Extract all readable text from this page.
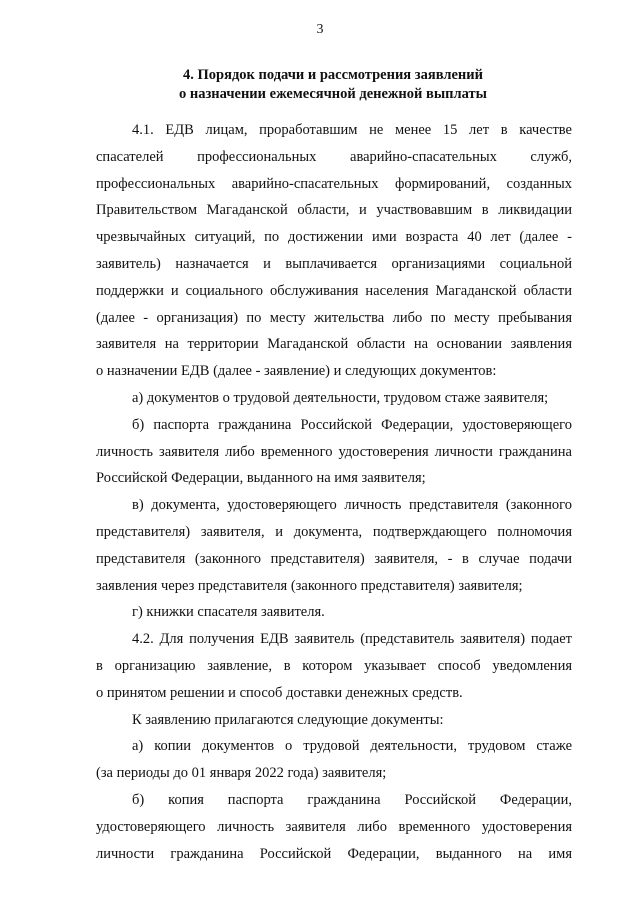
3
4. Порядок подачи и рассмотрения заявлений
о назначении ежемесячной денежной выплаты
4.1. ЕДВ лицам, проработавшим не менее 15 лет в качестве
спасателей профессиональных аварийно-спасательных служб,
профессиональных аварийно-спасательных формирований, созданных
Правительством Магаданской области, и участвовавшим в ликвидации
чрезвычайных ситуаций, по достижении ими возраста 40 лет (далее -
заявитель) назначается и выплачивается организациями социальной
поддержки и социального обслуживания населения Магаданской области
(далее - организация) по месту жительства либо по месту пребывания
заявителя на территории Магаданской области на основании заявления
о назначении ЕДВ (далее - заявление) и следующих документов:
а) документов о трудовой деятельности, трудовом стаже заявителя;
б) паспорта гражданина Российской Федерации, удостоверяющего
личность заявителя либо временного удостоверения личности гражданина
Российской Федерации, выданного на имя заявителя;
в) документа, удостоверяющего личность представителя (законного
представителя) заявителя, и документа, подтверждающего полномочия
представителя (законного представителя) заявителя, - в случае подачи
заявления через представителя (законного представителя) заявителя;
г) книжки спасателя заявителя.
4.2. Для получения ЕДВ заявитель (представитель заявителя) подает
в организацию заявление, в котором указывает способ уведомления
о принятом решении и способ доставки денежных средств.
К заявлению прилагаются следующие документы:
а) копии документов о трудовой деятельности, трудовом стаже
(за периоды до 01 января 2022 года) заявителя;
б) копия паспорта гражданина Российской Федерации,
удостоверяющего личность заявителя либо временного удостоверения
личности гражданина Российской Федерации, выданного на имя
